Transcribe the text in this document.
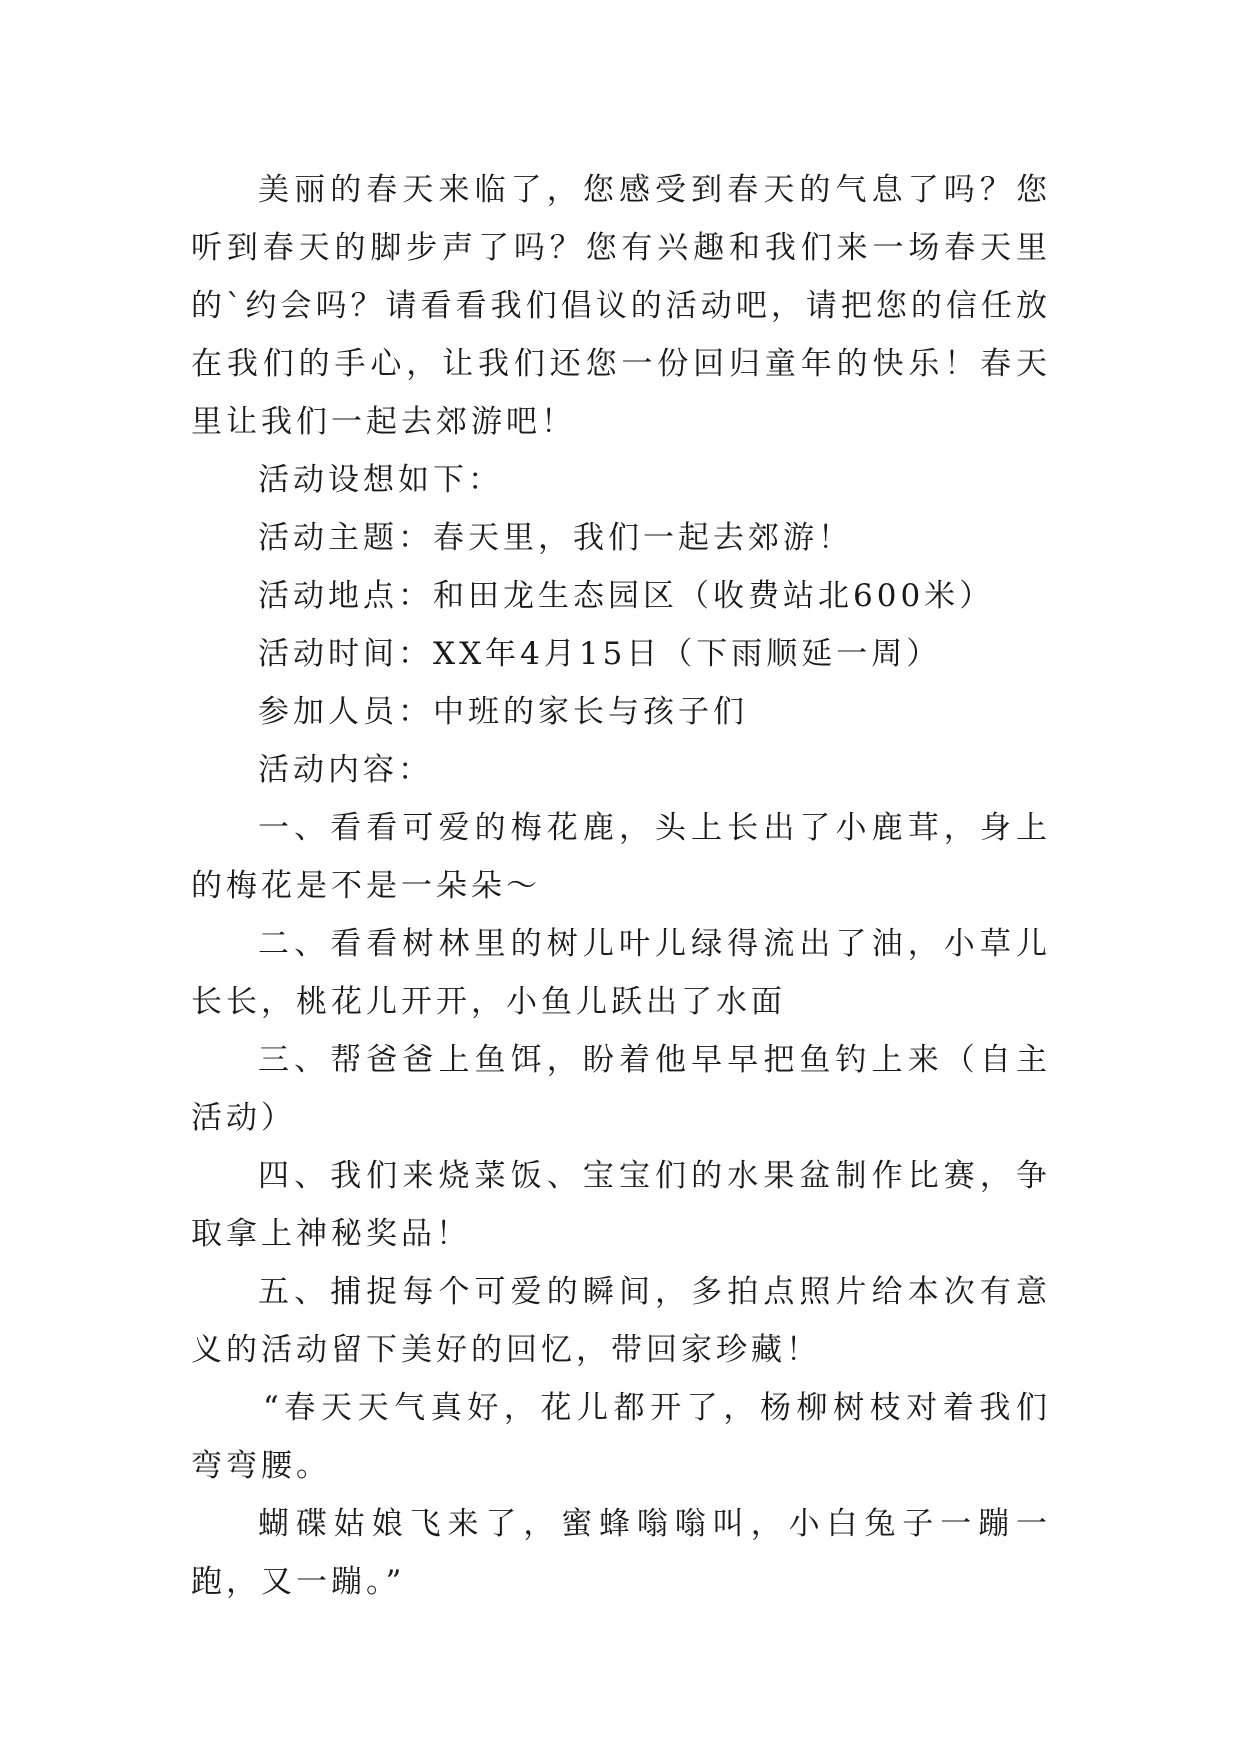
美丽的春天来临了，您感受到春天的气息了吗？您听到春天的脚步声了吗？您有兴趣和我们来一场春天里的`约会吗？请看看我们倡议的活动吧，请把您的信任放在我们的手心，让我们还您一份回归童年的快乐！春天里让我们一起去郊游吧！

活动设想如下：

活动主题：春天里，我们一起去郊游！

活动地点：和田龙生态园区（收费站北600米）

活动时间：XX年4月15日（下雨顺延一周）

参加人员：中班的家长与孩子们

活动内容：

一、看看可爱的梅花鹿，头上长出了小鹿茸，身上的梅花是不是一朵朵～

二、看看树林里的树儿叶儿绿得流出了油，小草儿长长，桃花儿开开，小鱼儿跃出了水面

三、帮爸爸上鱼饵，盼着他早早把鱼钓上来（自主活动）

四、我们来烧菜饭、宝宝们的水果盆制作比赛，争取拿上神秘奖品！

五、捕捉每个可爱的瞬间，多拍点照片给本次有意义的活动留下美好的回忆，带回家珍藏！

“春天天气真好，花儿都开了，杨柳树枝对着我们弯弯腰。

蝴碟姑娘飞来了，蜜蜂嗡嗡叫，小白兔子一蹦一跑，又一蹦。”
